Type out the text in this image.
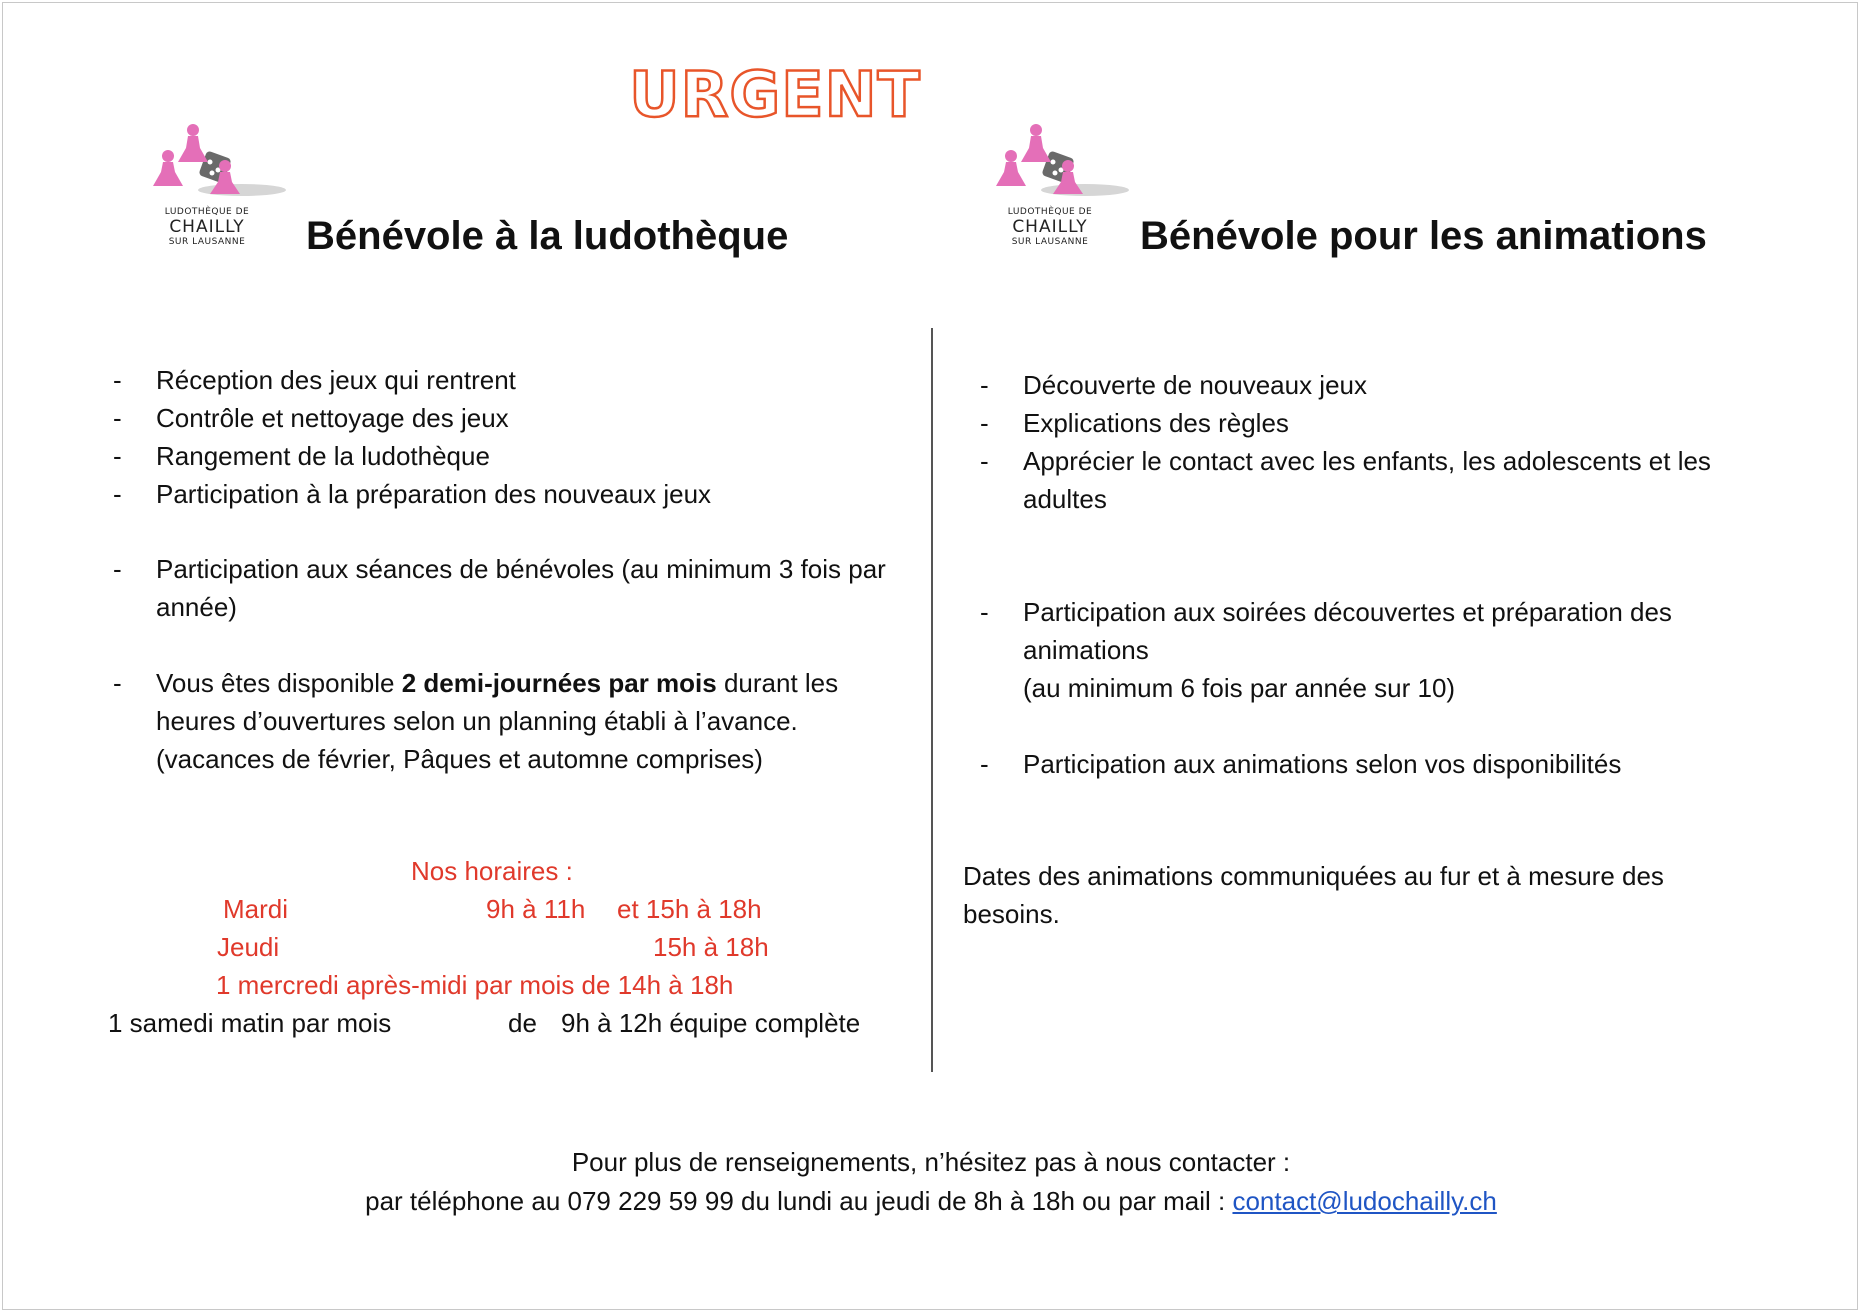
URGENT
LUDOTHÈQUE DE
CHAILLY
SUR LAUSANNE
LUDOTHÈQUE DE
CHAILLY
SUR LAUSANNE
Bénévole à la ludothèque	Bénévole pour les animations
- Réception des jeux qui rentrent
- Contrôle et nettoyage des jeux
- Rangement de la ludothèque
- Participation à la préparation des nouveaux jeux
- Participation aux séances de bénévoles (au minimum 3 fois par année)
- Vous êtes disponible 2 demi-journées par mois durant les heures d’ouvertures selon un planning établi à l’avance.
(vacances de février, Pâques et automne comprises)
Nos horaires :
Mardi	9h à 11h et 15h à 18h
Jeudi	15h à 18h
1 mercredi après-midi par mois de 14h à 18h
1 samedi matin par mois	de 9h à 12h équipe complète
- Découverte de nouveaux jeux
- Explications des règles
- Apprécier le contact avec les enfants, les adolescents et les adultes
- Participation aux soirées découvertes et préparation des animations
(au minimum 6 fois par année sur 10)
- Participation aux animations selon vos disponibilités
Dates des animations communiquées au fur et à mesure des besoins.
Pour plus de renseignements, n’hésitez pas à nous contacter :
par téléphone au 079 229 59 99 du lundi au jeudi de 8h à 18h ou par mail : contact@ludochailly.ch
